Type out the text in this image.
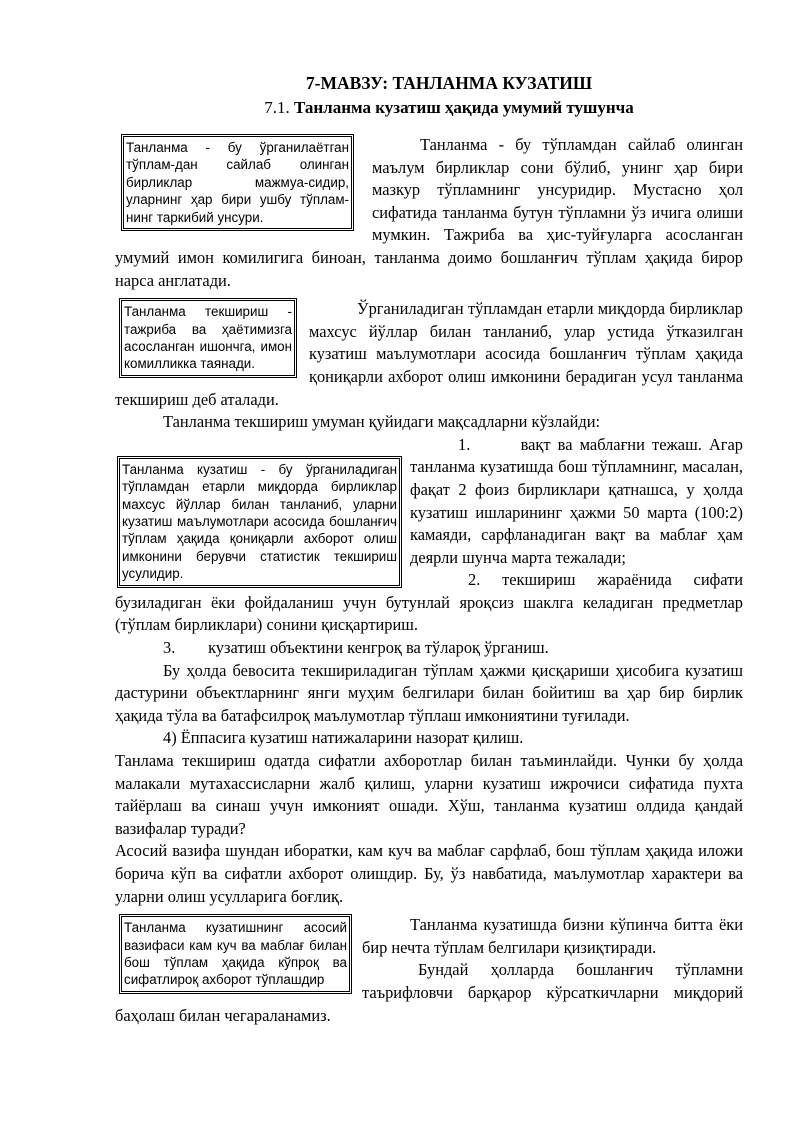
7-МАВЗУ: ТАНЛАНМА КУЗАТИШ
7.1. Танланма кузатиш ҳақида умумий тушунча
Танланма - бу ўрганилаётган тўплам-дан сайлаб олинган бирликлар мажмуа-сидир, уларнинг ҳар бири ушбу тўплам-нинг таркибий унсури.

Танланма - бу тўпламдан сайлаб олинган маълум бирликлар сони бўлиб, унинг ҳар бири мазкур тўпламнинг унсуридир. Мустасно ҳол сифатида танланма бутун тўпламни ўз ичига олиши мумкин. Тажриба ва ҳис-туйғуларга асосланган умумий имон комилигига биноан, танланма доимо бошланғич тўплам ҳақида бирор нарса англатади.

Танланма текшириш - тажриба ва ҳаётимизга асосланган ишончга, имон комилликка таянади.

Ўрганиладиган тўпламдан етарли миқдорда бирликлар махсус йўллар билан танланиб, улар устида ўтказилган кузатиш маълумотлари асосида бошланғич тўплам ҳақида қониқарли ахборот олиш имконини берадиган усул танланма текшириш деб аталади.

Танланма текшириш умуман қуйидаги мақсадларни кўзлайди:

Танланма кузатиш - бу ўрганиладиган тўпламдан етарли миқдорда бирликлар махсус йўллар билан танланиб, уларни кузатиш маълумотлари асосида бошланғич тўплам ҳақида қониқарли ахборот олиш имконини берувчи статистик текшириш усулидир.

1.       вақт ва маблағни тежаш. Агар танланма кузатишда бош тўпламнинг, масалан, фақат 2 фоиз бирликлари қатнашса, у ҳолда кузатиш ишларининг ҳажми 50 марта (100:2) камаяди, сарфланадиган вақт ва маблағ ҳам деярли шунча марта тежалади;

2. текшириш жараёнида сифати бузиладиган ёки фойдаланиш учун бутунлай яроқсиз шаклга келадиган предметлар (тўплам бирликлари) сонини қисқартириш.

3.        кузатиш объектини кенгроқ ва тўлароқ ўрганиш.

Бу ҳолда бевосита текшириладиган тўплам ҳажми қисқариши ҳисобига кузатиш дастурини объектларнинг янги муҳим белгилари билан бойитиш ва ҳар бир бирлик ҳақида тўла ва батафсилроқ маълумотлар тўплаш имкониятини туғилади.

4) Ёппасига кузатиш натижаларини назорат қилиш.

Танлама текшириш одатда сифатли ахборотлар билан таъминлайди. Чунки бу ҳолда малакали мутахассисларни жалб қилиш, уларни кузатиш ижрочиси сифатида пухта тайёрлаш ва синаш учун имконият ошади. Хўш, танланма кузатиш олдида қандай вазифалар туради?

Асосий вазифа шундан иборатки, кам куч ва маблағ сарфлаб, бош тўплам ҳақида иложи борича кўп ва сифатли ахборот олишдир. Бу, ўз навбатида, маълумотлар характери ва уларни олиш усулларига боғлиқ.

Танланма кузатишнинг асосий вазифаси кам куч ва маблағ билан бош тўплам ҳақида кўпроқ ва сифатлироқ ахборот тўплашдир

Танланма кузатишда бизни кўпинча битта ёки бир нечта тўплам белгилари қизиқтиради.

Бундай ҳолларда бошланғич тўпламни таърифловчи барқарор кўрсаткичларни миқдорий баҳолаш билан чегараланамиз.
